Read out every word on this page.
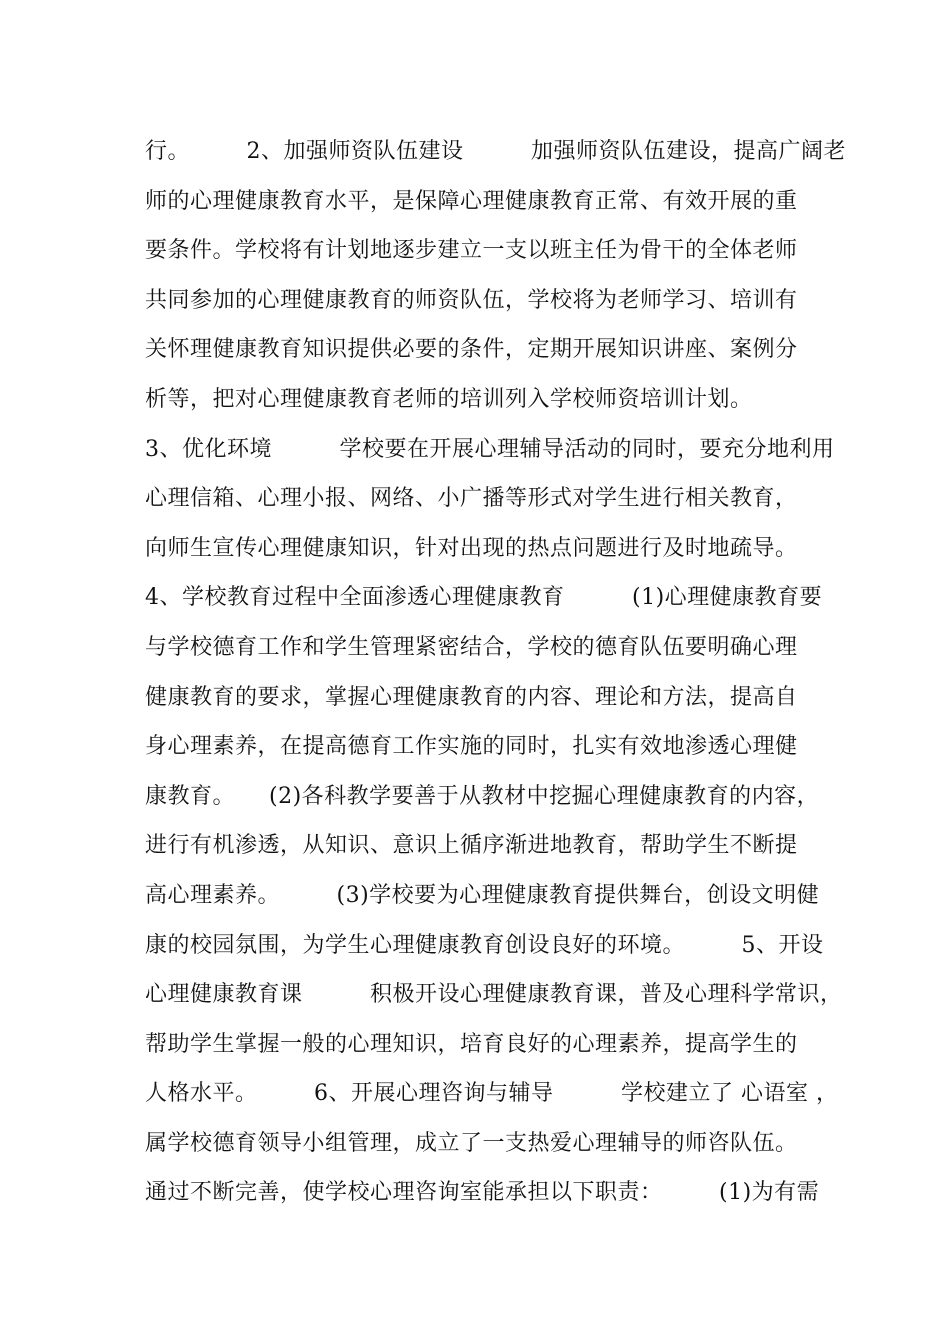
行。　　　2、加强师资队伍建设　　　加强师资队伍建设，提高广阔老
师的心理健康教育水平，是保障心理健康教育正常、有效开展的重
要条件。学校将有计划地逐步建立一支以班主任为骨干的全体老师
共同参加的心理健康教育的师资队伍，学校将为老师学习、培训有
关怀理健康教育知识提供必要的条件，定期开展知识讲座、案例分
析等，把对心理健康教育老师的培训列入学校师资培训计划。
3、优化环境　　　学校要在开展心理辅导活动的同时，要充分地利用
心理信箱、心理小报、网络、小广播等形式对学生进行相关教育，
向师生宣传心理健康知识，针对出现的热点问题进行及时地疏导。
4、学校教育过程中全面渗透心理健康教育　　　(1)心理健康教育要
与学校德育工作和学生管理紧密结合，学校的德育队伍要明确心理
健康教育的要求，掌握心理健康教育的内容、理论和方法，提高自
身心理素养，在提高德育工作实施的同时，扎实有效地渗透心理健
康教育。　　(2)各科教学要善于从教材中挖掘心理健康教育的内容，
进行有机渗透，从知识、意识上循序渐进地教育，帮助学生不断提
高心理素养。　　　(3)学校要为心理健康教育提供舞台，创设文明健
康的校园氛围，为学生心理健康教育创设良好的环境。　　　5、开设
心理健康教育课　　　积极开设心理健康教育课，普及心理科学常识，
帮助学生掌握一般的心理知识，培育良好的心理素养，提高学生的
人格水平。　　　6、开展心理咨询与辅导　　　学校建立了 心语室 ，
属学校德育领导小组管理，成立了一支热爱心理辅导的师咨队伍。
通过不断完善，使学校心理咨询室能承担以下职责：　　　(1)为有需
